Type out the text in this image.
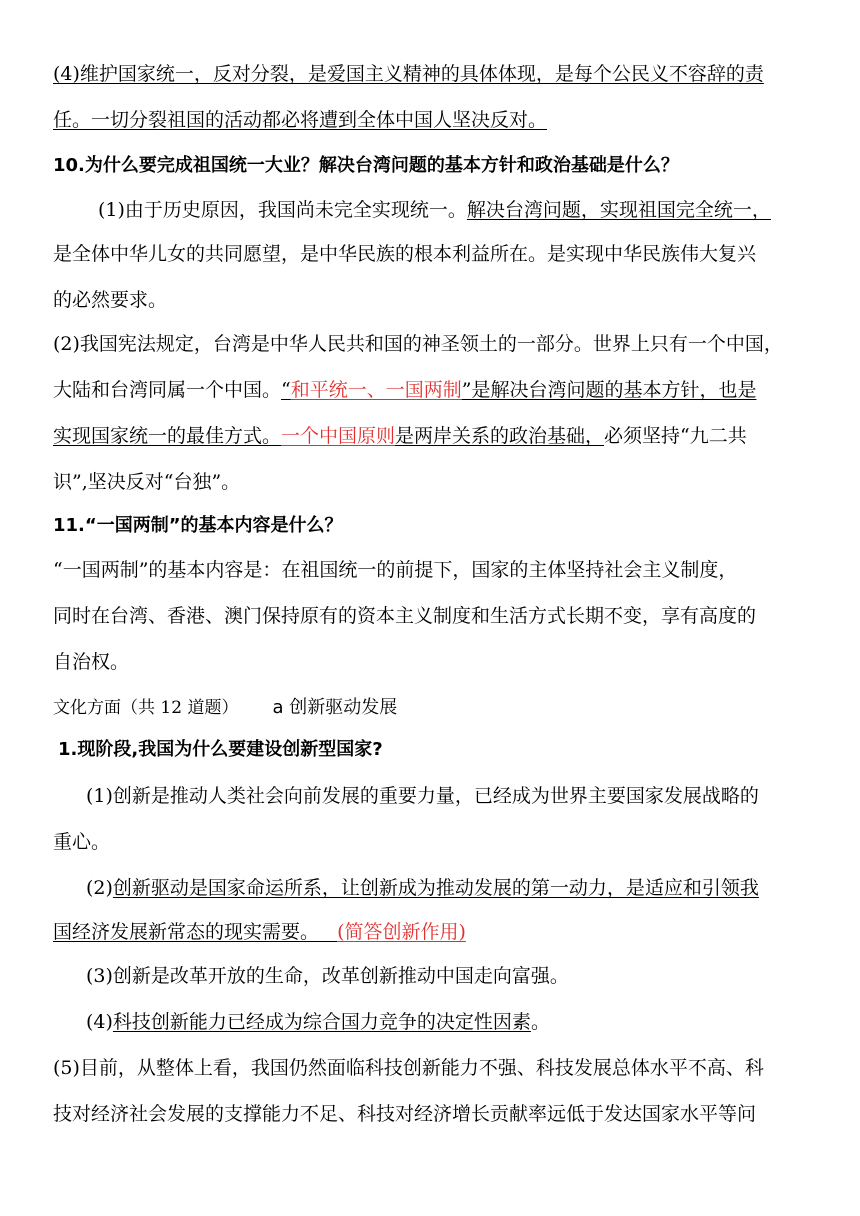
(4)维护国家统一，反对分裂，是爱国主义精神的具体体现，是每个公民义不容辞的责
任。一切分裂祖国的活动都必将遭到全体中国人坚决反对。
10.为什么要完成祖国统一大业？解决台湾问题的基本方针和政治基础是什么？
(1)由于历史原因，我国尚未完全实现统一。解决台湾问题，实现祖国完全统一，
是全体中华儿女的共同愿望，是中华民族的根本利益所在。是实现中华民族伟大复兴
的必然要求。
(2)我国宪法规定，台湾是中华人民共和国的神圣领土的一部分。世界上只有一个中国，
大陆和台湾同属一个中国。“和平统一、一国两制”是解决台湾问题的基本方针，也是
实现国家统一的最佳方式。一个中国原则是两岸关系的政治基础，必须坚持“九二共
识”,坚决反对“台独”。
11.“一国两制”的基本内容是什么？
“一国两制”的基本内容是：在祖国统一的前提下，国家的主体坚持社会主义制度，
同时在台湾、香港、澳门保持原有的资本主义制度和生活方式长期不变，享有高度的
自治权。
文化方面（共 12 道题） a 创新驱动发展
1.现阶段,我国为什么要建设创新型国家?
(1)创新是推动人类社会向前发展的重要力量，已经成为世界主要国家发展战略的
重心。
(2)创新驱动是国家命运所系，让创新成为推动发展的第一动力，是适应和引领我
国经济发展新常态的现实需要。 (简答创新作用)
(3)创新是改革开放的生命，改革创新推动中国走向富强。
(4)科技创新能力已经成为综合国力竞争的决定性因素。
(5)目前，从整体上看，我国仍然面临科技创新能力不强、科技发展总体水平不高、科
技对经济社会发展的支撑能力不足、科技对经济增长贡献率远低于发达国家水平等问
